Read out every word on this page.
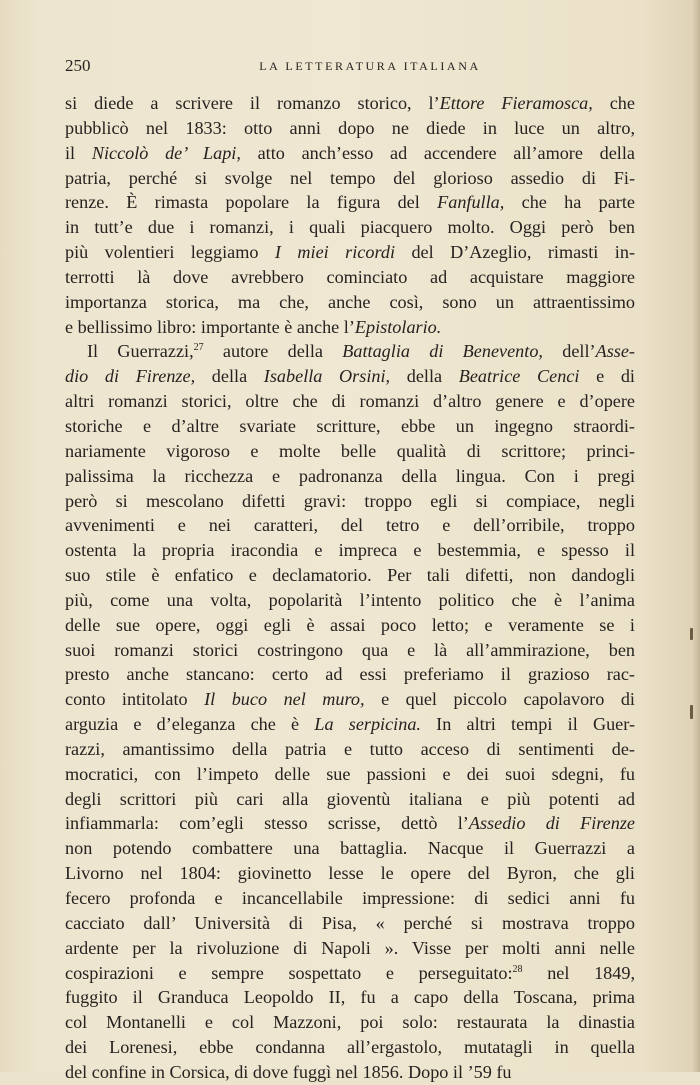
250	LA LETTERATURA ITALIANA
si diede a scrivere il romanzo storico, l’Ettore Fieramosca, che
pubblicò nel 1833: otto anni dopo ne diede in luce un altro,
il Niccolò de’ Lapi, atto anch’esso ad accendere all’amore della
patria, perché si svolge nel tempo del glorioso assedio di Fi-
renze. È rimasta popolare la figura del Fanfulla, che ha parte
in tutt’e due i romanzi, i quali piacquero molto. Oggi però ben
più volentieri leggiamo I miei ricordi del D’Azeglio, rimasti in-
terrotti là dove avrebbero cominciato ad acquistare maggiore
importanza storica, ma che, anche così, sono un attraentissimo
e bellissimo libro: importante è anche l’Epistolario.
Il Guerrazzi,$^{27}$ autore della Battaglia di Benevento, dell’Asse-
dio di Firenze, della Isabella Orsini, della Beatrice Cenci e di
altri romanzi storici, oltre che di romanzi d’altro genere e d’opere
storiche e d’altre svariate scritture, ebbe un ingegno straordi-
nariamente vigoroso e molte belle qualità di scrittore; princi-
palissima la ricchezza e padronanza della lingua. Con i pregi
però si mescolano difetti gravi: troppo egli si compiace, negli
avvenimenti e nei caratteri, del tetro e dell’orribile, troppo
ostenta la propria iracondia e impreca e bestemmia, e spesso il
suo stile è enfatico e declamatorio. Per tali difetti, non dandogli
più, come una volta, popolarità l’intento politico che è l’anima
delle sue opere, oggi egli è assai poco letto; e veramente se i
suoi romanzi storici costringono qua e là all’ammirazione, ben
presto anche stancano: certo ad essi preferiamo il grazioso rac-
conto intitolato Il buco nel muro, e quel piccolo capolavoro di
arguzia e d’eleganza che è La serpicina. In altri tempi il Guer-
razzi, amantissimo della patria e tutto acceso di sentimenti de-
mocratici, con l’impeto delle sue passioni e dei suoi sdegni, fu
degli scrittori più cari alla gioventù italiana e più potenti ad
infiammarla: com’egli stesso scrisse, dettò l’Assedio di Firenze
non potendo combattere una battaglia. Nacque il Guerrazzi a
Livorno nel 1804: giovinetto lesse le opere del Byron, che gli
fecero profonda e incancellabile impressione: di sedici anni fu
cacciato dall’ Università di Pisa, « perché si mostrava troppo
ardente per la rivoluzione di Napoli ». Visse per molti anni nelle
cospirazioni e sempre sospettato e perseguitato:$^{28}$ nel 1849,
fuggito il Granduca Leopoldo II, fu a capo della Toscana, prima
col Montanelli e col Mazzoni, poi solo: restaurata la dinastia
dei Lorenesi, ebbe condanna all’ergastolo, mutatagli in quella
del confine in Corsica, di dove fuggì nel 1856. Dopo il ’59 fu
